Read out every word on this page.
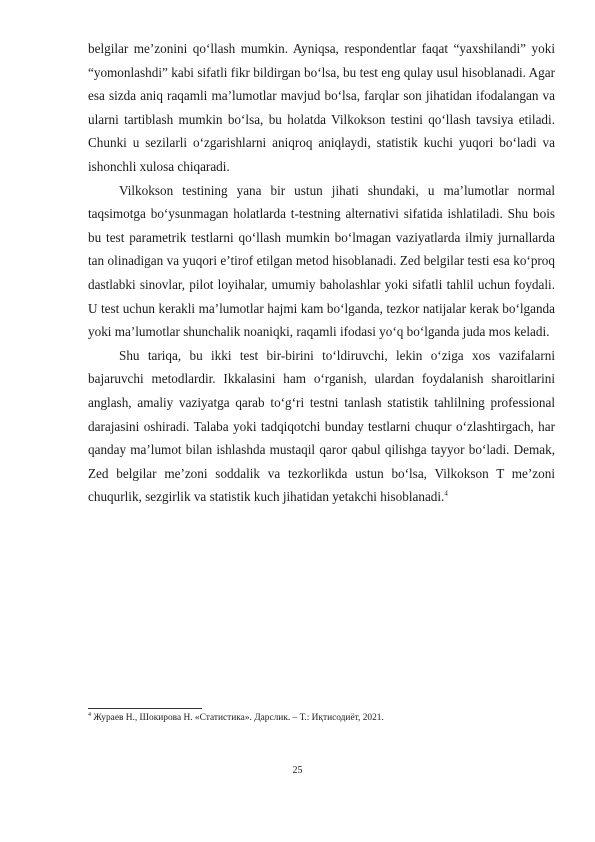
belgilar me’zonini qo‘llash mumkin. Ayniqsa, respondentlar faqat “yaxshilandi” yoki “yomonlashdi” kabi sifatli fikr bildirgan bo‘lsa, bu test eng qulay usul hisoblanadi. Agar esa sizda aniq raqamli ma’lumotlar mavjud bo‘lsa, farqlar son jihatidan ifodalangan va ularni tartiblash mumkin bo‘lsa, bu holatda Vilkokson testini qo‘llash tavsiya etiladi. Chunki u sezilarli o‘zgarishlarni aniqroq aniqlaydi, statistik kuchi yuqori bo‘ladi va ishonchli xulosa chiqaradi.

Vilkokson testining yana bir ustun jihati shundaki, u ma’lumotlar normal taqsimotga bo‘ysunmagan holatlarda t-testning alternativi sifatida ishlatiladi. Shu bois bu test parametrik testlarni qo‘llash mumkin bo‘lmagan vaziyatlarda ilmiy jurnallarda tan olinadigan va yuqori e’tirof etilgan metod hisoblanadi. Zed belgilar testi esa ko‘proq dastlabki sinovlar, pilot loyihalar, umumiy baholashlar yoki sifatli tahlil uchun foydali. U test uchun kerakli ma’lumotlar hajmi kam bo‘lganda, tezkor natijalar kerak bo‘lganda yoki ma’lumotlar shunchalik noaniqki, raqamli ifodasi yo‘q bo‘lganda juda mos keladi.

Shu tariqa, bu ikki test bir-birini to‘ldiruvchi, lekin o‘ziga xos vazifalarni bajaruvchi metodlardir. Ikkalasini ham o‘rganish, ulardan foydalanish sharoitlarini anglash, amaliy vaziyatga qarab to‘g‘ri testni tanlash statistik tahlilning professional darajasini oshiradi. Talaba yoki tadqiqotchi bunday testlarni chuqur o‘zlashtirgach, har qanday ma’lumot bilan ishlashda mustaqil qaror qabul qilishga tayyor bo‘ladi. Demak, Zed belgilar me’zoni soddalik va tezkorlikda ustun bo‘lsa, Vilkokson T me’zoni chuqurlik, sezgirlik va statistik kuch jihatidan yetakchi hisoblanadi.$^4$

$^4$ Жураев Н., Шокирова Н. «Статистика». Дарслик. – Т.: Иқтисодиёт, 2021.

25
